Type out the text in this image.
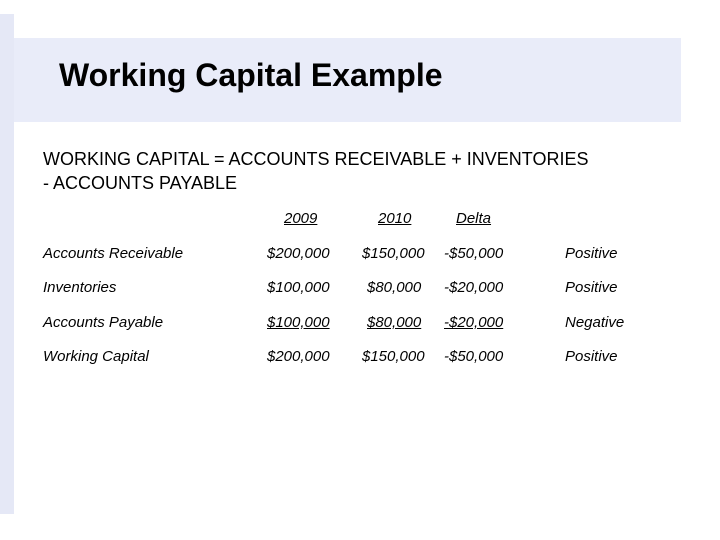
Working Capital Example
WORKING CAPITAL = ACCOUNTS RECEIVABLE + INVENTORIES
- ACCOUNTS PAYABLE
2009	2010	Delta
Accounts Receivable	$200,000 $150,000 -$50,000	Positive
Inventories	$100,000 $80,000 -$20,000	Positive
Accounts Payable	$100,000 $80,000 -$20,000	Negative
Working Capital	$200,000 $150,000 -$50,000	Positive
